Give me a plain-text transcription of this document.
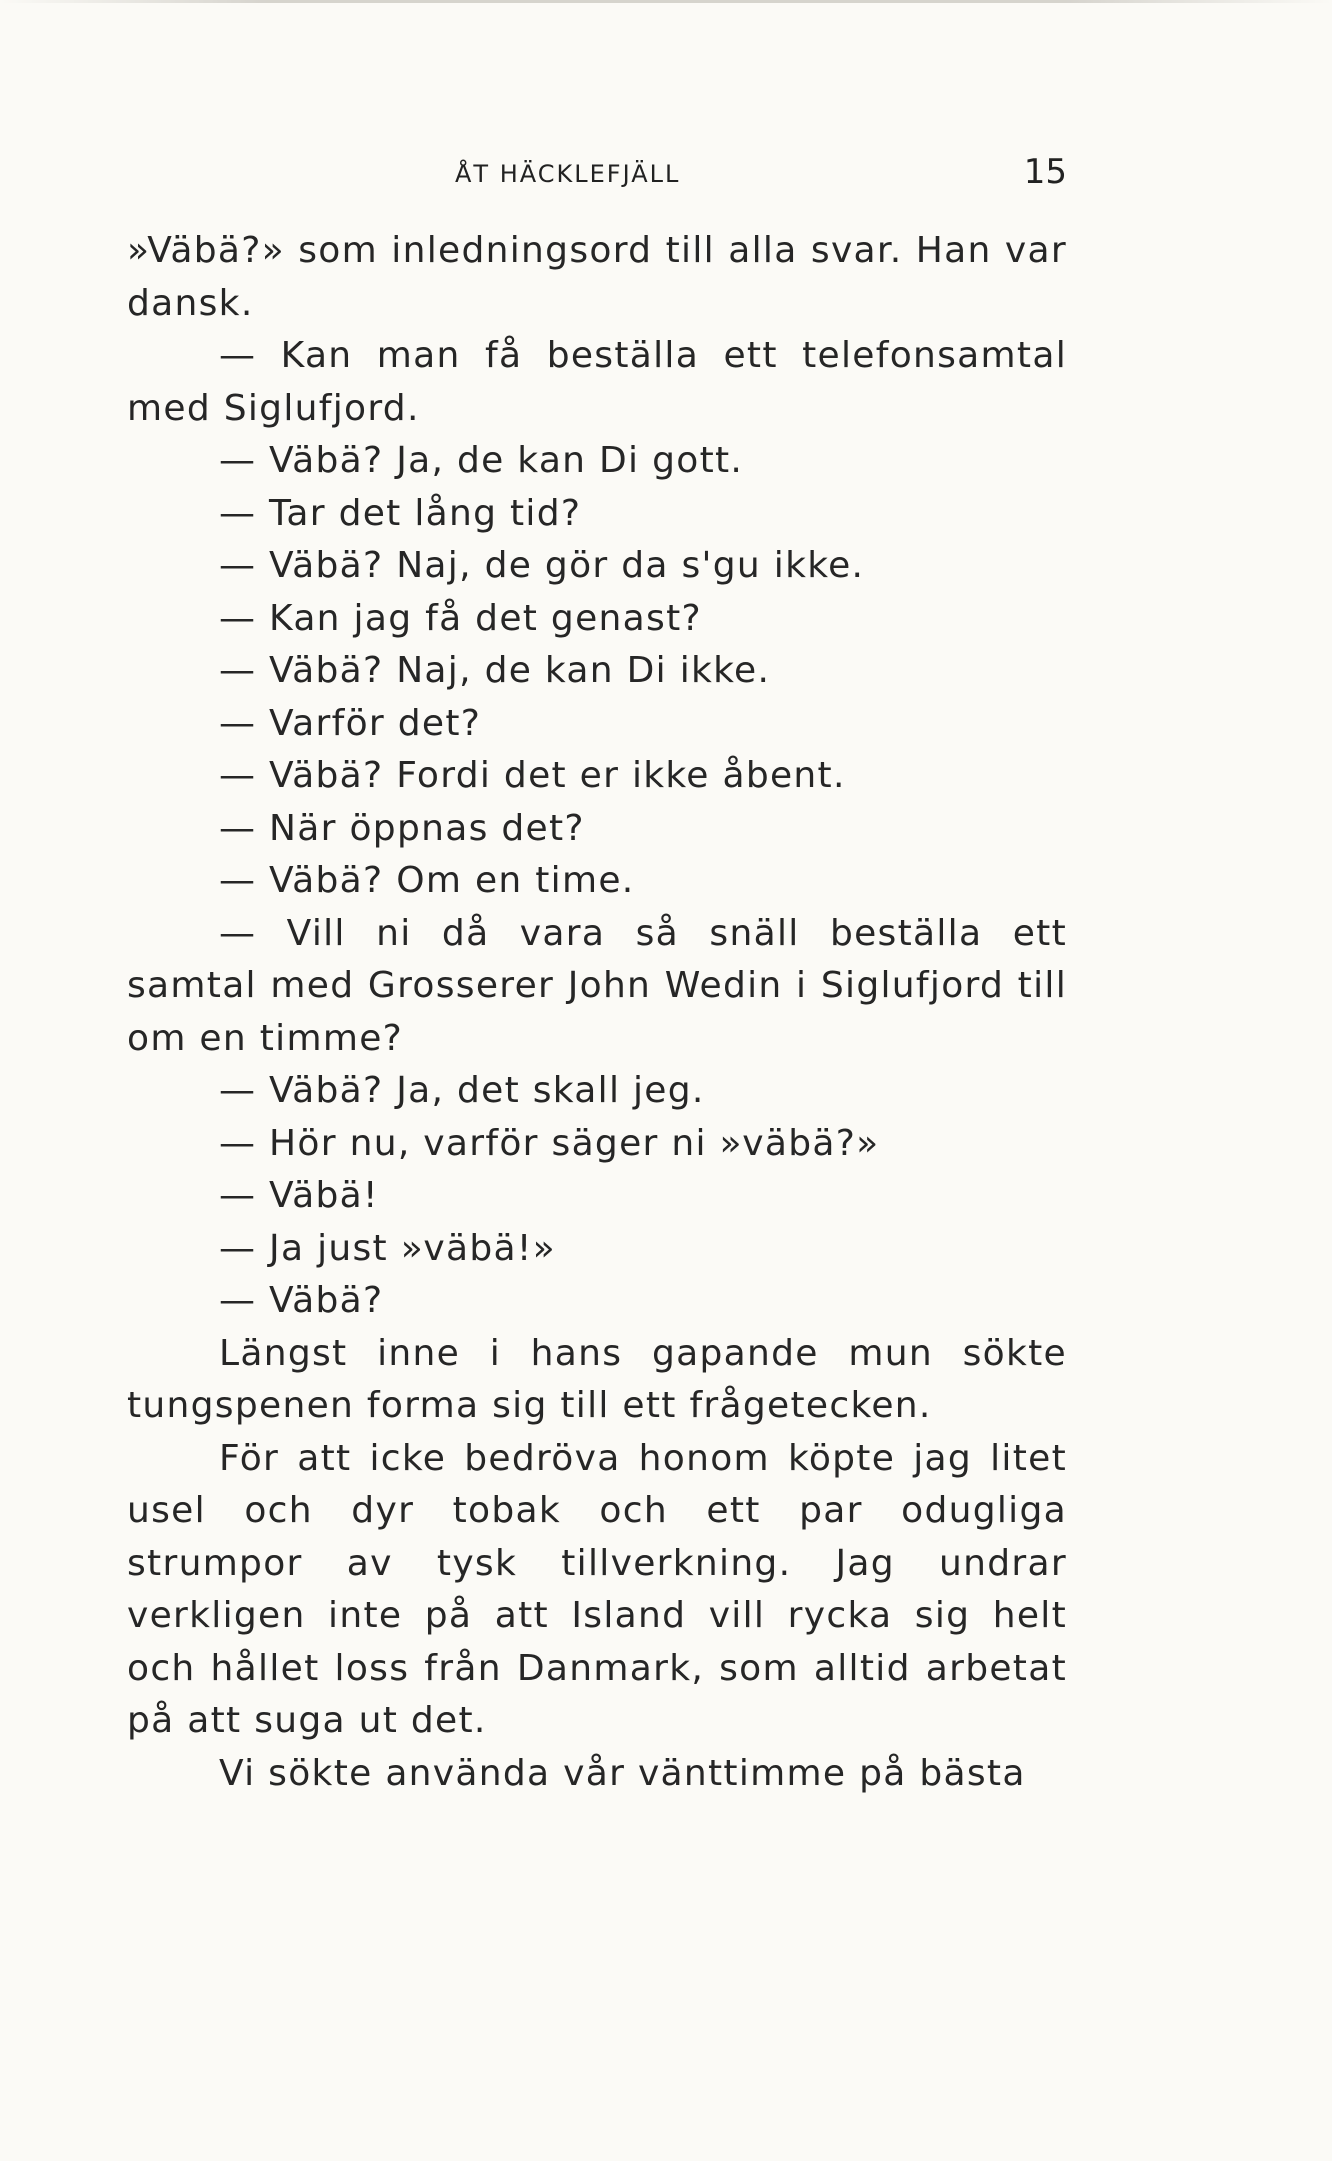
ÅT HÄCKLEFJÄLL	15

»Väbä?» som inledningsord till alla svar. Han var dansk.

— Kan man få beställa ett telefonsamtal med Siglufjord.

— Väbä? Ja, de kan Di gott.

— Tar det lång tid?

— Väbä? Naj, de gör da s'gu ikke.

— Kan jag få det genast?

— Väbä? Naj, de kan Di ikke.

— Varför det?

— Väbä? Fordi det er ikke åbent.

— När öppnas det?

— Väbä? Om en time.

— Vill ni då vara så snäll beställa ett samtal med Grosserer John Wedin i Siglufjord till om en timme?

— Väbä? Ja, det skall jeg.

— Hör nu, varför säger ni »väbä?»

— Väbä!

— Ja just »väbä!»

— Väbä?

Längst inne i hans gapande mun sökte tungspenen forma sig till ett frågetecken.

För att icke bedröva honom köpte jag litet usel och dyr tobak och ett par odugliga strumpor av tysk tillverkning. Jag undrar verkligen inte på att Island vill rycka sig helt och hållet loss från Danmark, som alltid arbetat på att suga ut det.

Vi sökte använda vår vänttimme på bästa
